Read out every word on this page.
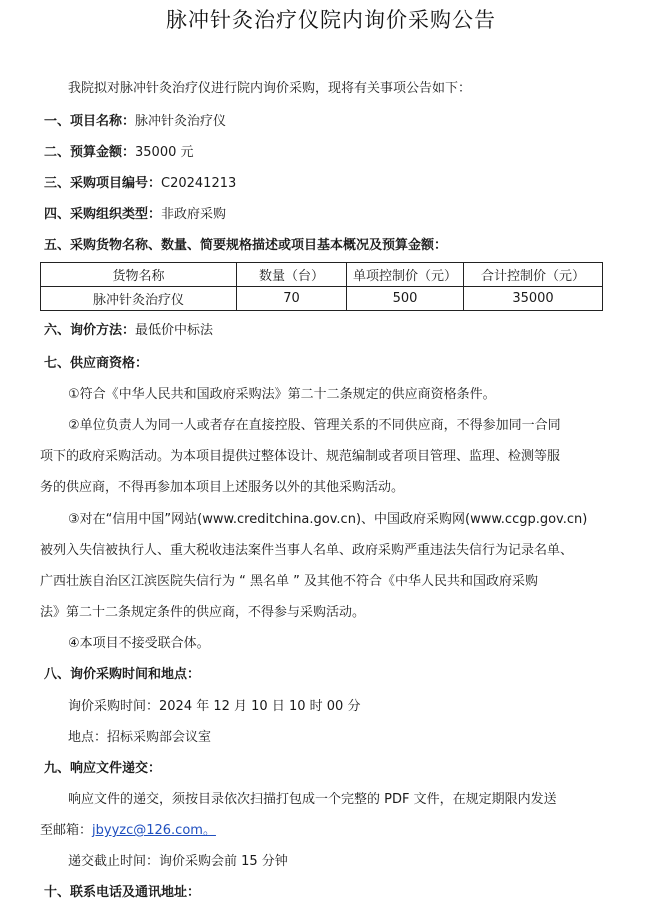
脉冲针灸治疗仪院内询价采购公告
我院拟对脉冲针灸治疗仪进行院内询价采购，现将有关事项公告如下：
一、项目名称：脉冲针灸治疗仪
二、预算金额：35000 元
三、采购项目编号：C20241213
四、采购组织类型：非政府采购
五、采购货物名称、数量、简要规格描述或项目基本概况及预算金额：
货物名称	数量（台）	单项控制价（元）	合计控制价（元）
脉冲针灸治疗仪	70	500	35000
六、询价方法：最低价中标法
七、供应商资格：
①符合《中华人民共和国政府采购法》第二十二条规定的供应商资格条件。
②单位负责人为同一人或者存在直接控股、管理关系的不同供应商，不得参加同一合同
项下的政府采购活动。为本项目提供过整体设计、规范编制或者项目管理、监理、检测等服
务的供应商，不得再参加本项目上述服务以外的其他采购活动。
③对在“信用中国”网站(www.creditchina.gov.cn)、中国政府采购网(www.ccgp.gov.cn)
被列入失信被执行人、重大税收违法案件当事人名单、政府采购严重违法失信行为记录名单、
广西壮族自治区江滨医院失信行为 “ 黑名单 ” 及其他不符合《中华人民共和国政府采购
法》第二十二条规定条件的供应商，不得参与采购活动。
④本项目不接受联合体。
八、询价采购时间和地点：
询价采购时间：2024 年 12 月 10 日 10 时 00 分
地点：招标采购部会议室
九、响应文件递交：
响应文件的递交，须按目录依次扫描打包成一个完整的 PDF 文件，在规定期限内发送
至邮箱：jbyyzc@126.com。
递交截止时间：询价采购会前 15 分钟
十、联系电话及通讯地址：
